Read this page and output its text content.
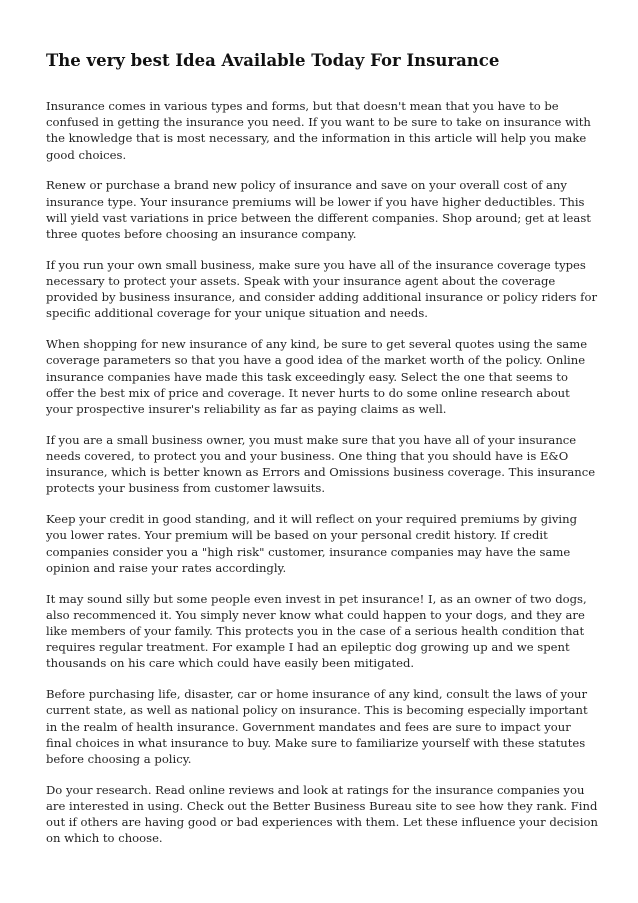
The very best Idea Available Today For Insurance

Insurance comes in various types and forms, but that doesn't mean that you have to be confused in getting the insurance you need. If you want to be sure to take on insurance with the knowledge that is most necessary, and the information in this article will help you make good choices.

Renew or purchase a brand new policy of insurance and save on your overall cost of any insurance type. Your insurance premiums will be lower if you have higher deductibles. This will yield vast variations in price between the different companies. Shop around; get at least three quotes before choosing an insurance company.

If you run your own small business, make sure you have all of the insurance coverage types necessary to protect your assets. Speak with your insurance agent about the coverage provided by business insurance, and consider adding additional insurance or policy riders for specific additional coverage for your unique situation and needs.

When shopping for new insurance of any kind, be sure to get several quotes using the same coverage parameters so that you have a good idea of the market worth of the policy. Online insurance companies have made this task exceedingly easy. Select the one that seems to offer the best mix of price and coverage. It never hurts to do some online research about your prospective insurer's reliability as far as paying claims as well.

If you are a small business owner, you must make sure that you have all of your insurance needs covered, to protect you and your business. One thing that you should have is E&O insurance, which is better known as Errors and Omissions business coverage. This insurance protects your business from customer lawsuits.

Keep your credit in good standing, and it will reflect on your required premiums by giving you lower rates. Your premium will be based on your personal credit history. If credit companies consider you a "high risk" customer, insurance companies may have the same opinion and raise your rates accordingly.

It may sound silly but some people even invest in pet insurance! I, as an owner of two dogs, also recommenced it. You simply never know what could happen to your dogs, and they are like members of your family. This protects you in the case of a serious health condition that requires regular treatment. For example I had an epileptic dog growing up and we spent thousands on his care which could have easily been mitigated.

Before purchasing life, disaster, car or home insurance of any kind, consult the laws of your current state, as well as national policy on insurance. This is becoming especially important in the realm of health insurance. Government mandates and fees are sure to impact your final choices in what insurance to buy. Make sure to familiarize yourself with these statutes before choosing a policy.

Do your research. Read online reviews and look at ratings for the insurance companies you are interested in using. Check out the Better Business Bureau site to see how they rank. Find out if others are having good or bad experiences with them. Let these influence your decision on which to choose.
